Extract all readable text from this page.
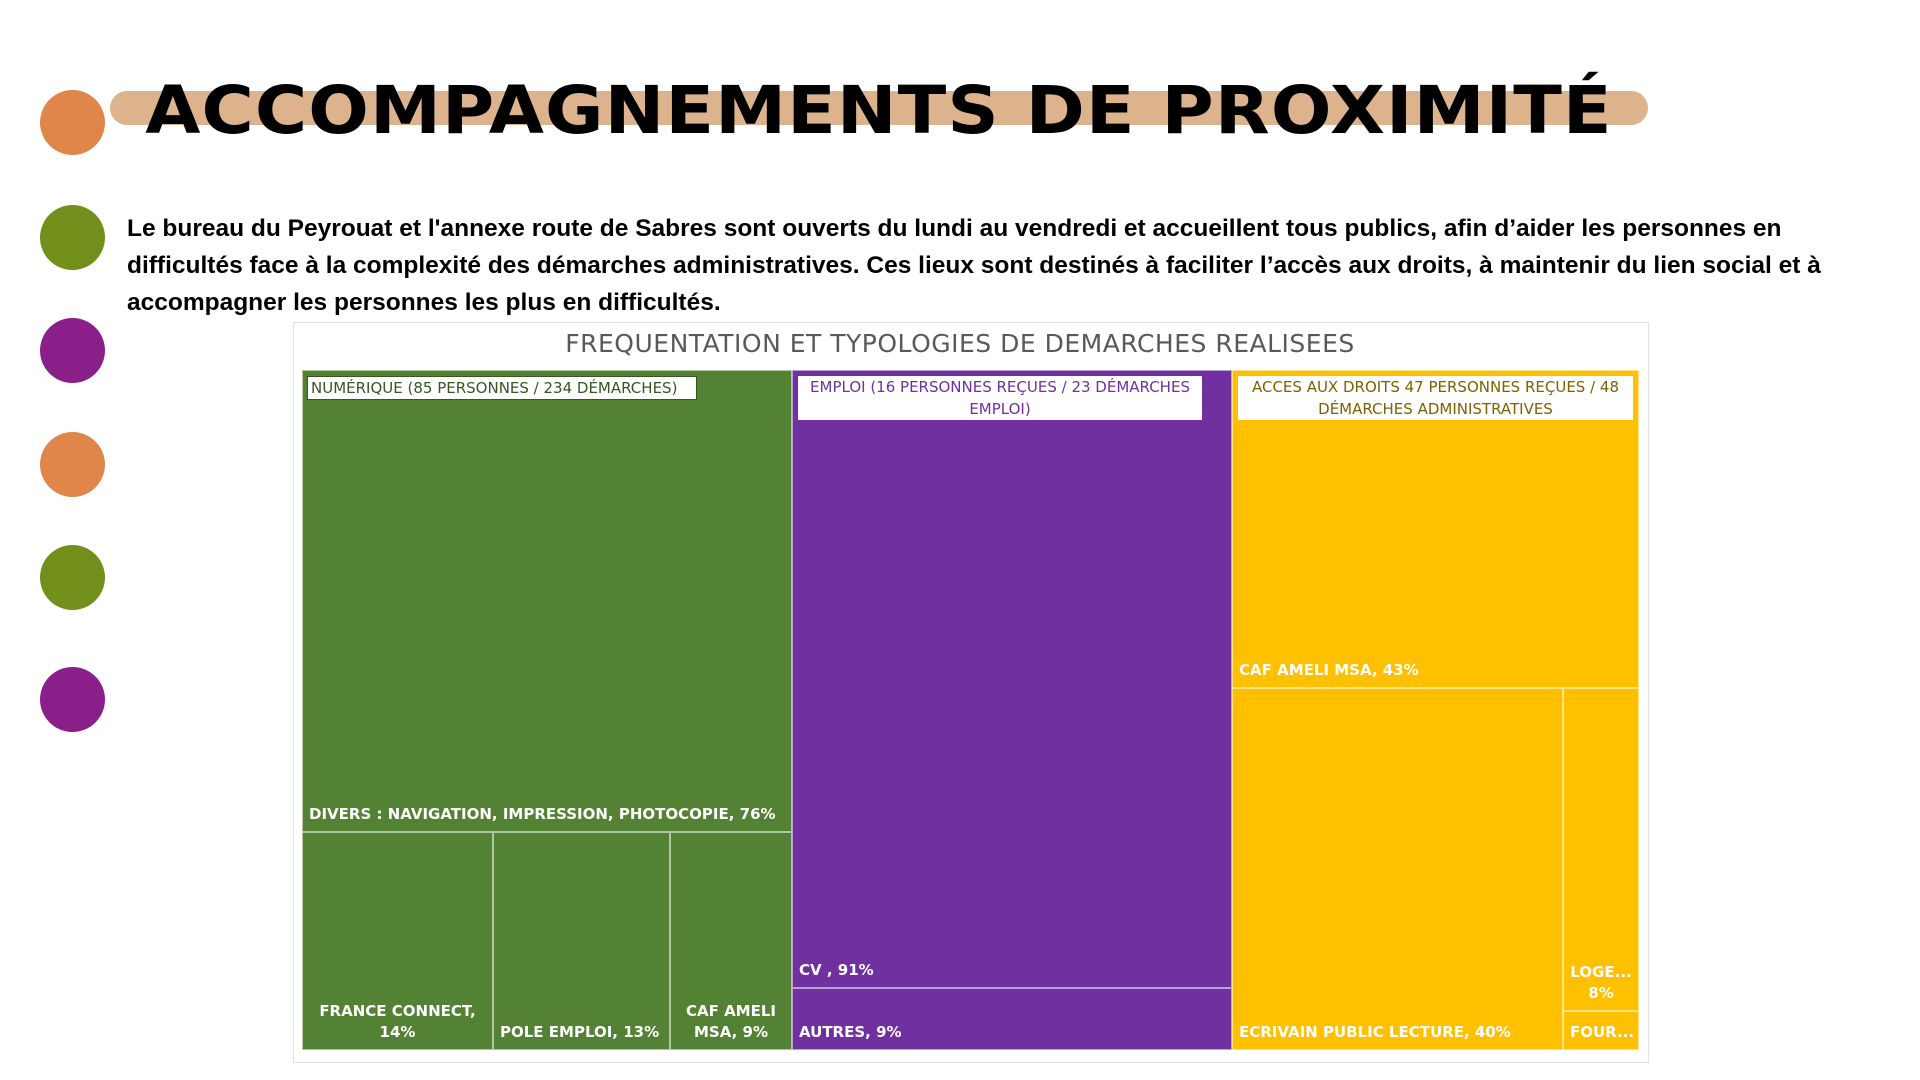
ACCOMPAGNEMENTS DE PROXIMITÉ

Le bureau du Peyrouat et l'annexe route de Sabres sont ouverts du lundi au vendredi et accueillent tous publics, afin d’aider les personnes en difficultés face à la complexité des démarches administratives. Ces lieux sont destinés à faciliter l’accès aux droits, à maintenir du lien social et à accompagner les personnes les plus en difficultés.

FREQUENTATION ET TYPOLOGIES DE DEMARCHES REALISEES
DIVERS : NAVIGATION, IMPRESSION, PHOTOCOPIE, 76%
FRANCE CONNECT, 14%	POLE EMPLOI, 13%
CAF AMELI MSA, 9%
NUMÉRIQUE (85 PERSONNES / 234 DÉMARCHES)
CV , 91%
AUTRES, 9%
EMPLOI (16 PERSONNES REÇUES / 23 DÉMARCHES EMPLOI)
CAF AMELI MSA, 43%
ECRIVAIN PUBLIC LECTURE, 40%
LOGE...
8%
FOUR...
ACCES AUX DROITS 47 PERSONNES REÇUES / 48 DÉMARCHES ADMINISTRATIVES
